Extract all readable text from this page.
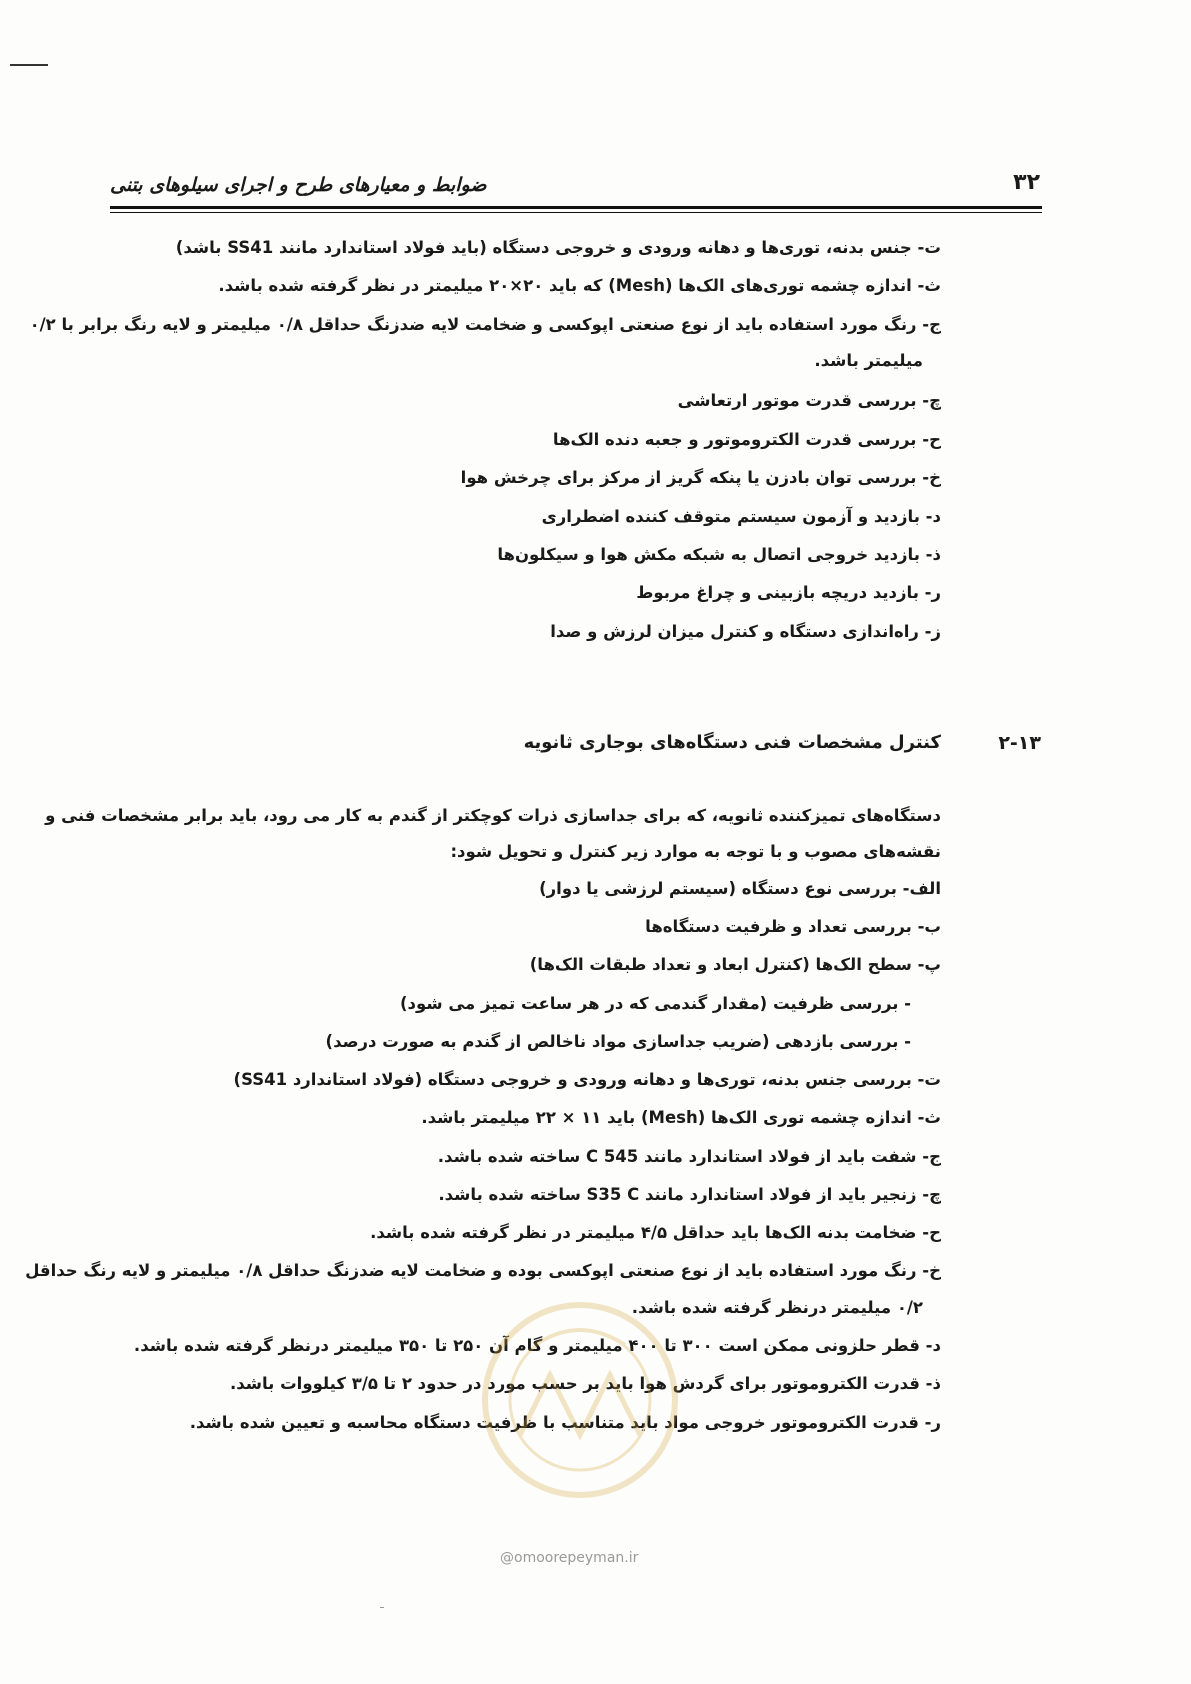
۳۲
ضوابط و معیارهای طرح و اجرای سیلوهای بتنی
ت- جنس بدنه، توری‌ها و دهانه ورودی و خروجی دستگاه (باید فولاد استاندارد مانند SS41 باشد)
ث- اندازه چشمه توری‌های الک‌ها (Mesh) که باید ۲۰×۲۰ میلیمتر در نظر گرفته شده باشد.
ج- رنگ مورد استفاده باید از نوع صنعتی اپوکسی و ضخامت لایه ضدزنگ حداقل ۰/۸ میلیمتر و لایه رنگ برابر با ۰/۲
میلیمتر باشد.
چ- بررسی قدرت موتور ارتعاشی
ح- بررسی قدرت الکتروموتور و جعبه دنده الک‌ها
خ- بررسی توان بادزن یا پنکه گریز از مرکز برای چرخش هوا
د- بازدید و آزمون سیستم متوقف کننده اضطراری
ذ- بازدید خروجی اتصال به شبکه مکش هوا و سیکلون‌ها
ر- بازدید دریچه بازبینی و چراغ مربوط
ز- راه‌اندازی دستگاه و کنترل میزان لرزش و صدا
۲-۱۳
کنترل مشخصات فنی دستگاه‌های بوجاری ثانویه
دستگاه‌های تمیزکننده ثانویه، که برای جداسازی ذرات کوچکتر از گندم به کار می رود، باید برابر مشخصات فنی و
نقشه‌های مصوب و با توجه به موارد زیر کنترل و تحویل شود:
الف- بررسی نوع دستگاه (سیستم لرزشی یا دوار)
ب- بررسی تعداد و ظرفیت دستگاه‌ها
پ- سطح الک‌ها (کنترل ابعاد و تعداد طبقات الک‌ها)
- بررسی ظرفیت (مقدار گندمی که در هر ساعت تمیز می شود)
- بررسی بازدهی (ضریب جداسازی مواد ناخالص از گندم به صورت درصد)
ت- بررسی جنس بدنه، توری‌ها و دهانه ورودی و خروجی دستگاه (فولاد استاندارد SS41)
ث- اندازه چشمه توری الک‌ها (Mesh) باید ۱۱ × ۲۲ میلیمتر باشد.
ج- شفت باید از فولاد استاندارد مانند C 545 ساخته شده باشد.
چ- زنجیر باید از فولاد استاندارد مانند S35 C ساخته شده باشد.
ح- ضخامت بدنه الک‌ها باید حداقل ۴/۵ میلیمتر در نظر گرفته شده باشد.
خ- رنگ مورد استفاده باید از نوع صنعتی اپوکسی بوده و ضخامت لایه ضدزنگ حداقل ۰/۸ میلیمتر و لایه رنگ حداقل
۰/۲ میلیمتر درنظر گرفته شده باشد.
د- قطر حلزونی ممکن است ۳۰۰ تا ۴۰۰ میلیمتر و گام آن ۲۵۰ تا ۳۵۰ میلیمتر درنظر گرفته شده باشد.
ذ- قدرت الکتروموتور برای گردش هوا باید بر حسب مورد در حدود ۲ تا ۳/۵ کیلووات باشد.
ر- قدرت الکتروموتور خروجی مواد باید متناسب با ظرفیت دستگاه محاسبه و تعیین شده باشد.
@omoorepeyman.ir
